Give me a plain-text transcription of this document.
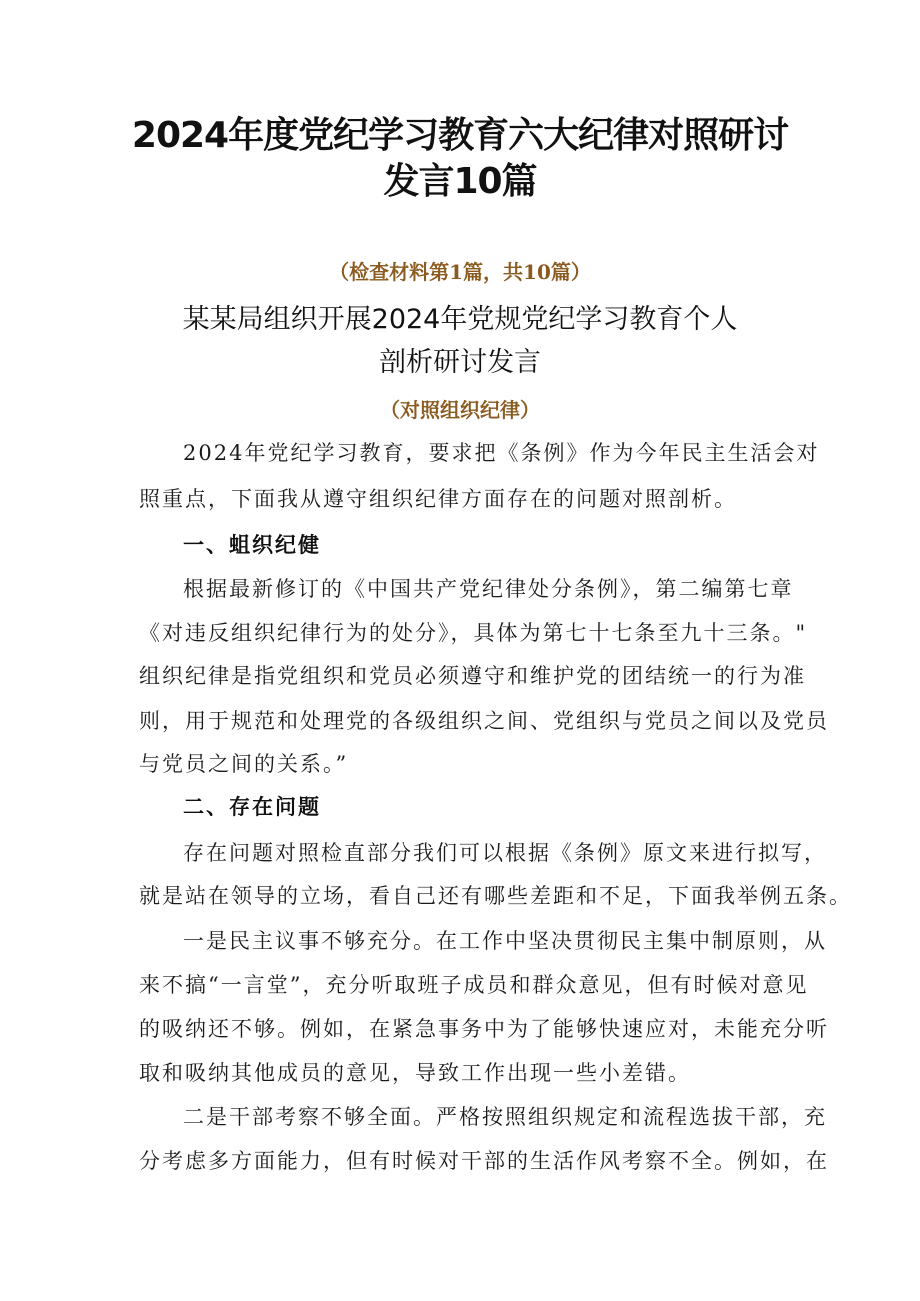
2024年度党纪学习教育六大纪律对照研讨
发言10篇
（检查材料第1篇，共10篇）
某某局组织开展2024年党规党纪学习教育个人
剖析研讨发言
（对照组织纪律）
2024年党纪学习教育，要求把《条例》作为今年民主生活会对
照重点，下面我从遵守组织纪律方面存在的问题对照剖析。
一、蛆织纪健
根据最新修订的《中国共产党纪律处分条例》，第二编第七章
《对违反组织纪律行为的处分》，具体为第七十七条至九十三条。"
组织纪律是指党组织和党员必须遵守和维护党的团结统一的行为准
则，用于规范和处理党的各级组织之间、党组织与党员之间以及党员
与党员之间的关系。”
二、存在问题
存在问题对照检直部分我们可以根据《条例》原文来进行拟写，
就是站在领导的立场，看自己还有哪些差距和不足，下面我举例五条。
一是民主议事不够充分。在工作中坚决贯彻民主集中制原则，从
来不搞“一言堂”，充分听取班子成员和群众意见，但有时候对意见
的吸纳还不够。例如，在紧急事务中为了能够快速应对，未能充分听
取和吸纳其他成员的意见，导致工作出现一些小差错。
二是干部考察不够全面。严格按照组织规定和流程选拔干部，充
分考虑多方面能力，但有时候对干部的生活作风考察不全。例如，在
